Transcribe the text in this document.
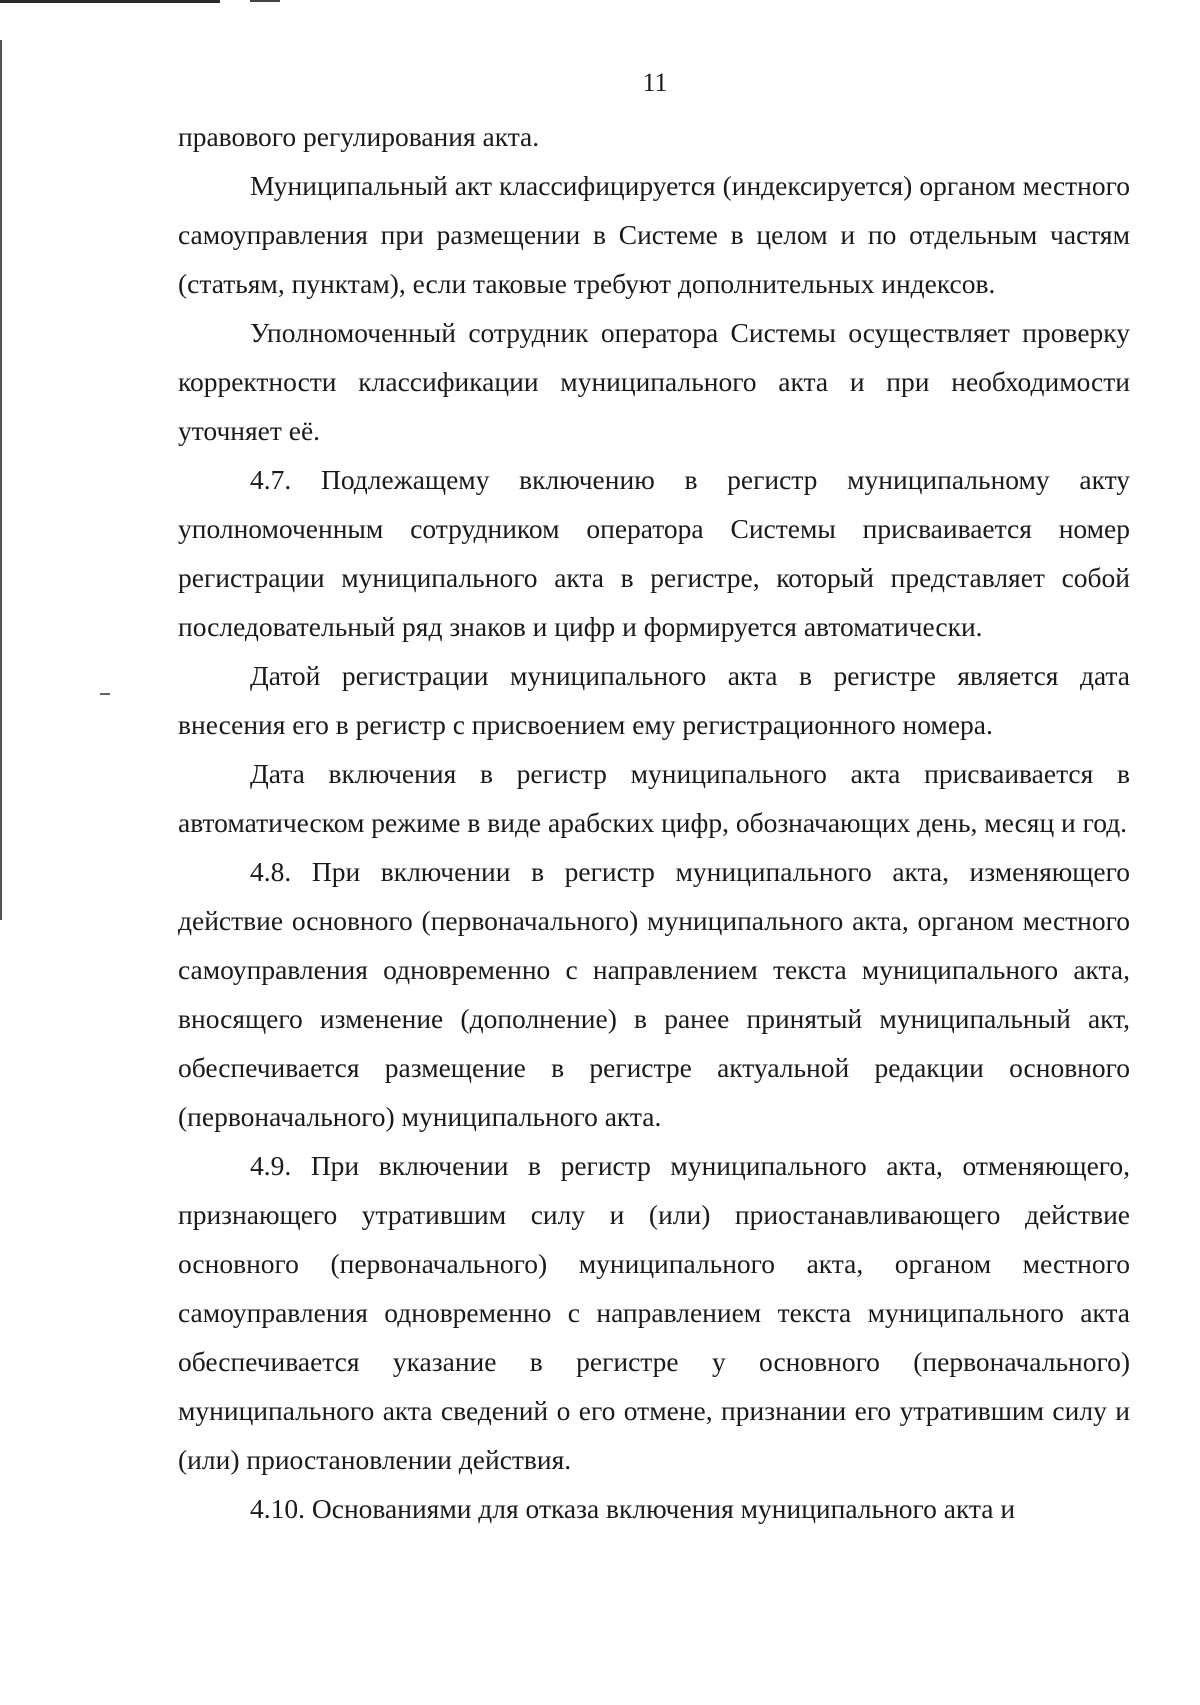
11

правового регулирования акта.

Муниципальный акт классифицируется (индексируется) органом местного самоуправления при размещении в Системе в целом и по отдельным частям (статьям, пунктам), если таковые требуют дополнительных индексов.

Уполномоченный сотрудник оператора Системы осуществляет проверку корректности классификации муниципального акта и при необходимости уточняет её.

4.7. Подлежащему включению в регистр муниципальному акту уполномоченным сотрудником оператора Системы присваивается номер регистрации муниципального акта в регистре, который представляет собой последовательный ряд знаков и цифр и формируется автоматически.

Датой регистрации муниципального акта в регистре является дата внесения его в регистр с присвоением ему регистрационного номера.

Дата включения в регистр муниципального акта присваивается в автоматическом режиме в виде арабских цифр, обозначающих день, месяц и год.

4.8. При включении в регистр муниципального акта, изменяющего действие основного (первоначального) муниципального акта, органом местного самоуправления одновременно с направлением текста муниципального акта, вносящего изменение (дополнение) в ранее принятый муниципальный акт, обеспечивается размещение в регистре актуальной редакции основного (первоначального) муниципального акта.

4.9. При включении в регистр муниципального акта, отменяющего, признающего утратившим силу и (или) приостанавливающего действие основного (первоначального) муниципального акта, органом местного самоуправления одновременно с направлением текста муниципального акта обеспечивается указание в регистре у основного (первоначального) муниципального акта сведений о его отмене, признании его утратившим силу и (или) приостановлении действия.

4.10. Основаниями для отказа включения муниципального акта и
